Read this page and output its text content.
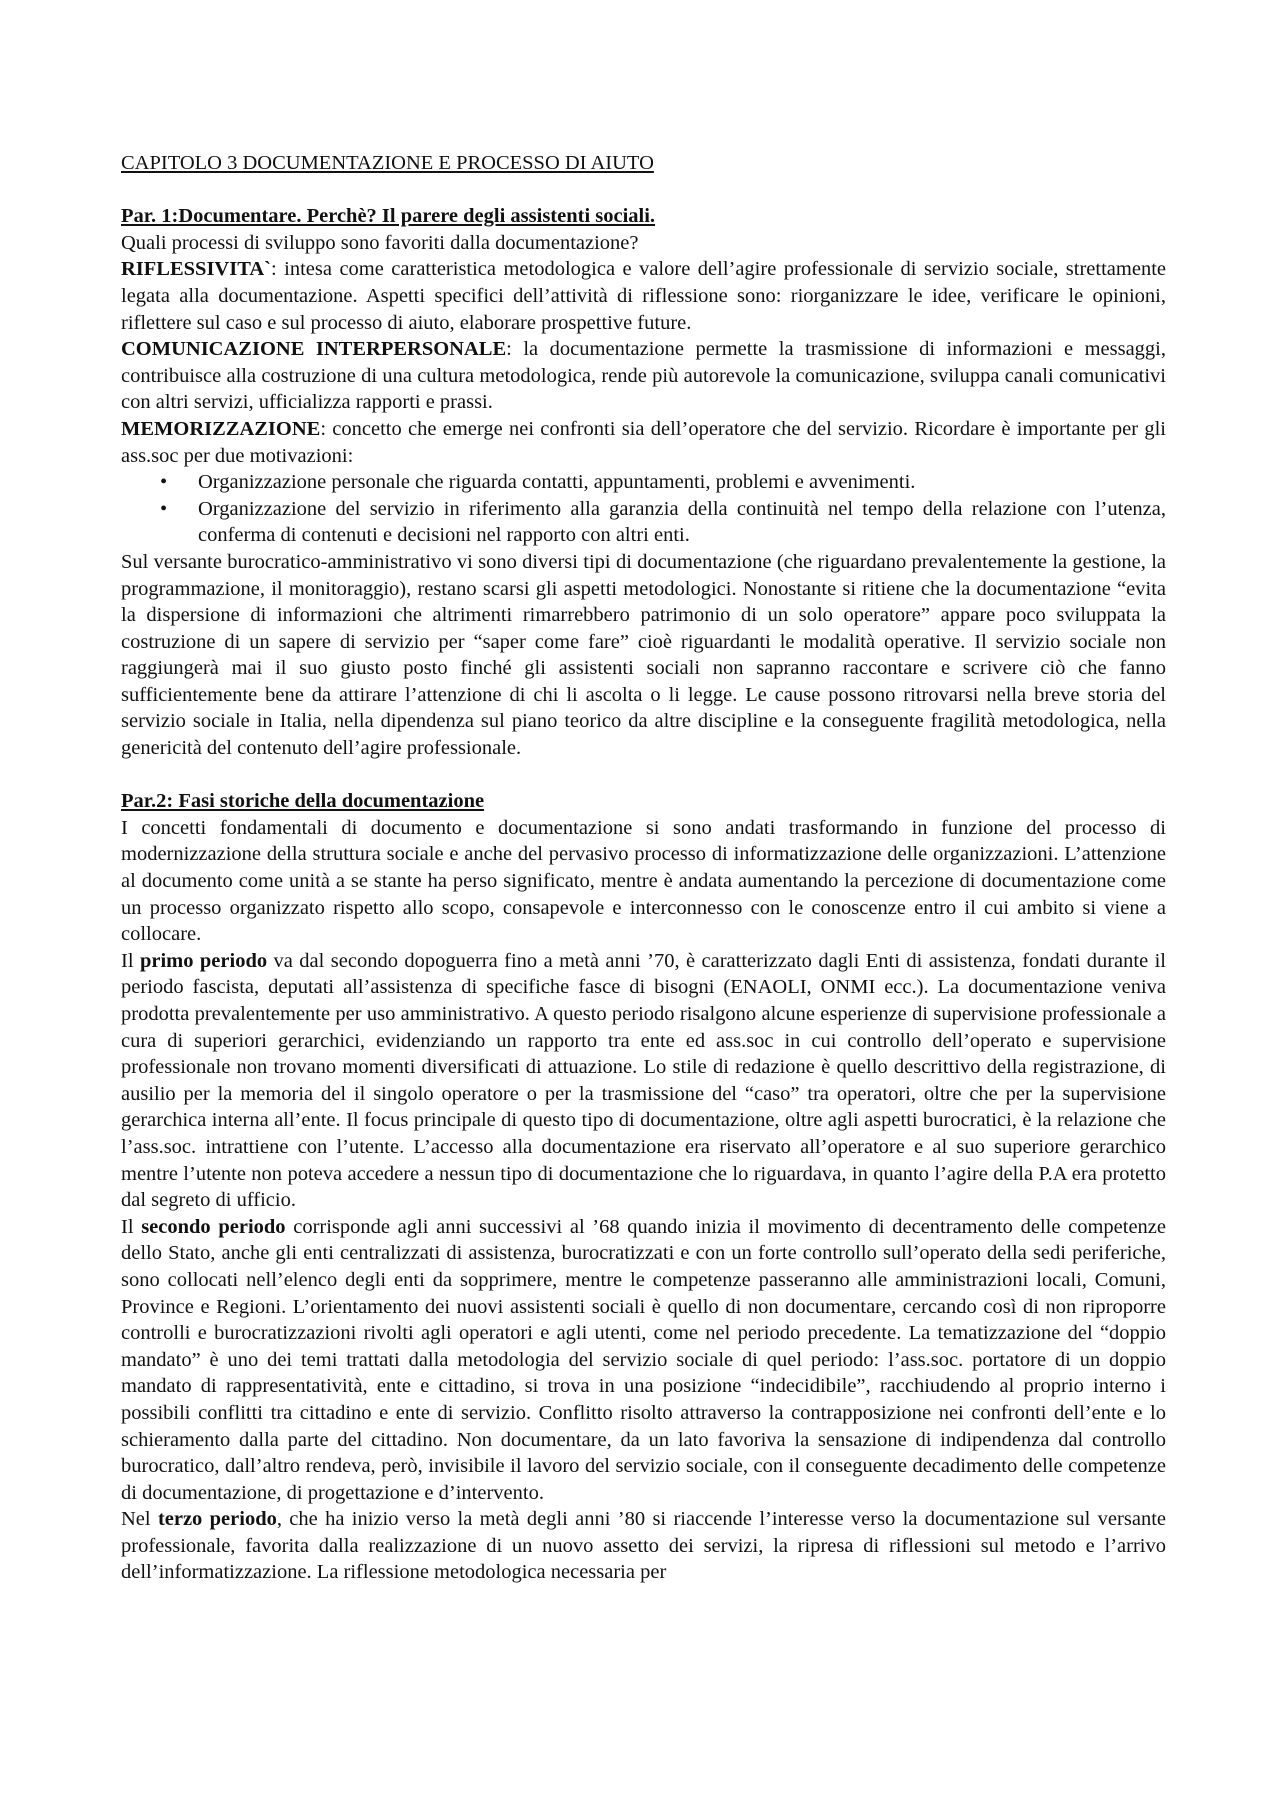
CAPITOLO 3 DOCUMENTAZIONE E PROCESSO DI AIUTO
Par. 1:Documentare. Perchè? Il parere degli assistenti sociali.

Quali processi di sviluppo sono favoriti dalla documentazione?

RIFLESSIVITA`: intesa come caratteristica metodologica e valore dell’agire professionale di servizio sociale, strettamente legata alla documentazione. Aspetti specifici dell’attività di riflessione sono: riorganizzare le idee, verificare le opinioni, riflettere sul caso e sul processo di aiuto, elaborare prospettive future.

COMUNICAZIONE INTERPERSONALE: la documentazione permette la trasmissione di informazioni e messaggi, contribuisce alla costruzione di una cultura metodologica, rende più autorevole la comunicazione, sviluppa canali comunicativi con altri servizi, ufficializza rapporti e prassi.

MEMORIZZAZIONE: concetto che emerge nei confronti sia dell’operatore che del servizio. Ricordare è importante per gli ass.soc per due motivazioni:

• Organizzazione personale che riguarda contatti, appuntamenti, problemi e avvenimenti.
• Organizzazione del servizio in riferimento alla garanzia della continuità nel tempo della relazione con l’utenza, conferma di contenuti e decisioni nel rapporto con altri enti.

Sul versante burocratico-amministrativo vi sono diversi tipi di documentazione (che riguardano prevalentemente la gestione, la programmazione, il monitoraggio), restano scarsi gli aspetti metodologici. Nonostante si ritiene che la documentazione “evita la dispersione di informazioni che altrimenti rimarrebbero patrimonio di un solo operatore” appare poco sviluppata la costruzione di un sapere di servizio per “saper come fare” cioè riguardanti le modalità operative. Il servizio sociale non raggiungerà mai il suo giusto posto finché gli assistenti sociali non sapranno raccontare e scrivere ciò che fanno sufficientemente bene da attirare l’attenzione di chi li ascolta o li legge. Le cause possono ritrovarsi nella breve storia del servizio sociale in Italia, nella dipendenza sul piano teorico da altre discipline e la conseguente fragilità metodologica, nella genericità del contenuto dell’agire professionale.

Par.2: Fasi storiche della documentazione

I concetti fondamentali di documento e documentazione si sono andati trasformando in funzione del processo di modernizzazione della struttura sociale e anche del pervasivo processo di informatizzazione delle organizzazioni. L’attenzione al documento come unità a se stante ha perso significato, mentre è andata aumentando la percezione di documentazione come un processo organizzato rispetto allo scopo, consapevole e interconnesso con le conoscenze entro il cui ambito si viene a collocare.

Il primo periodo va dal secondo dopoguerra fino a metà anni ’70, è caratterizzato dagli Enti di assistenza, fondati durante il periodo fascista, deputati all’assistenza di specifiche fasce di bisogni (ENAOLI, ONMI ecc.). La documentazione veniva prodotta prevalentemente per uso amministrativo. A questo periodo risalgono alcune esperienze di supervisione professionale a cura di superiori gerarchici, evidenziando un rapporto tra ente ed ass.soc in cui controllo dell’operato e supervisione professionale non trovano momenti diversificati di attuazione. Lo stile di redazione è quello descrittivo della registrazione, di ausilio per la memoria del il singolo operatore o per la trasmissione del “caso” tra operatori, oltre che per la supervisione gerarchica interna all’ente. Il focus principale di questo tipo di documentazione, oltre agli aspetti burocratici, è la relazione che l’ass.soc. intrattiene con l’utente. L’accesso alla documentazione era riservato all’operatore e al suo superiore gerarchico mentre l’utente non poteva accedere a nessun tipo di documentazione che lo riguardava, in quanto l’agire della P.A era protetto dal segreto di ufficio.

Il secondo periodo corrisponde agli anni successivi al ’68 quando inizia il movimento di decentramento delle competenze dello Stato, anche gli enti centralizzati di assistenza, burocratizzati e con un forte controllo sull’operato della sedi periferiche, sono collocati nell’elenco degli enti da sopprimere, mentre le competenze passeranno alle amministrazioni locali, Comuni, Province e Regioni. L’orientamento dei nuovi assistenti sociali è quello di non documentare, cercando così di non riproporre controlli e burocratizzazioni rivolti agli operatori e agli utenti, come nel periodo precedente. La tematizzazione del “doppio mandato” è uno dei temi trattati dalla metodologia del servizio sociale di quel periodo: l’ass.soc. portatore di un doppio mandato di rappresentatività, ente e cittadino, si trova in una posizione “indecidibile”, racchiudendo al proprio interno i possibili conflitti tra cittadino e ente di servizio. Conflitto risolto attraverso la contrapposizione nei confronti dell’ente e lo schieramento dalla parte del cittadino. Non documentare, da un lato favoriva la sensazione di indipendenza dal controllo burocratico, dall’altro rendeva, però, invisibile il lavoro del servizio sociale, con il conseguente decadimento delle competenze di documentazione, di progettazione e d’intervento.

Nel terzo periodo, che ha inizio verso la metà degli anni ’80 si riaccende l’interesse verso la documentazione sul versante professionale, favorita dalla realizzazione di un nuovo assetto dei servizi, la ripresa di riflessioni sul metodo e l’arrivo dell’informatizzazione. La riflessione metodologica necessaria per
